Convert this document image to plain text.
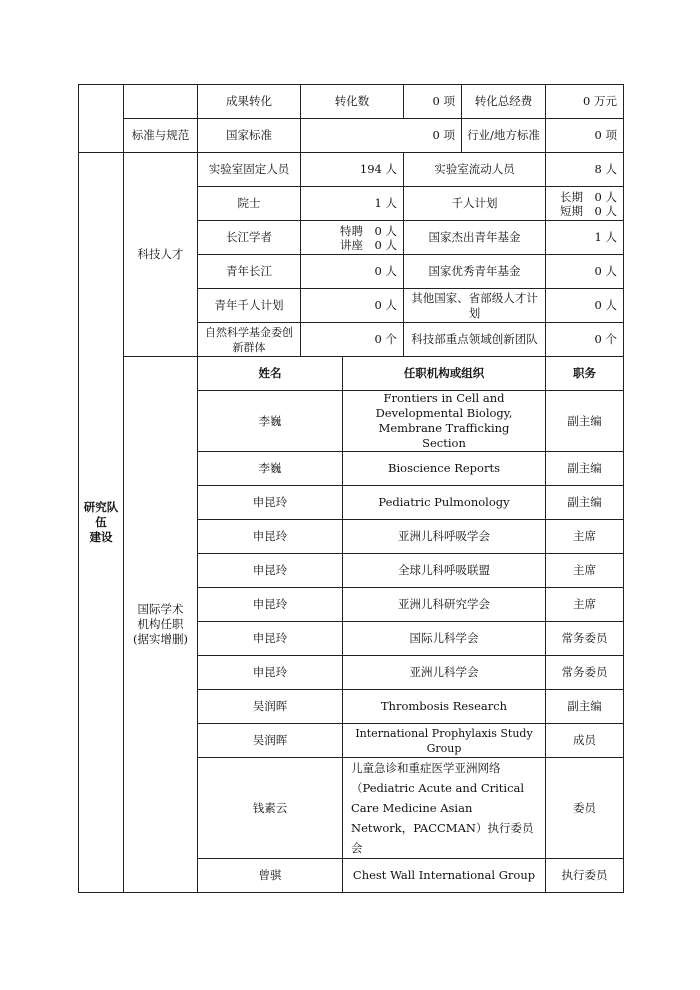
		成果转化	转化数		0 项	转化总经费	0 万元
	标准与规范	国家标准	0 项			行业/地方标准	0 项
研究队伍
建设	科技人才	实验室固定人员	194 人		实验室流动人员		8 人
		院士	1 人		千人计划		长期　0 人
短期　0 人

		长江学者	特聘　0 人
讲座　0 人		国家杰出青年基金		1 人
		青年长江	0 人		国家优秀青年基金		0 人
		青年千人计划	0 人		其他国家、省部级人才计划		0 人
		自然科学基金委创新群体	0 个		科技部重点领域创新团队		0 个
	国际学术
机构任职
(据实增删)	姓名		任职机构或组织			职务
		李巍		Frontiers in Cell and Developmental Biology, Membrane Trafficking Section			副主编
		李巍		Bioscience Reports			副主编
		申昆玲		Pediatric Pulmonology			副主编
		申昆玲		亚洲儿科呼吸学会			主席
		申昆玲		全球儿科呼吸联盟			主席
		申昆玲		亚洲儿科研究学会			主席
		申昆玲		国际儿科学会			常务委员
		申昆玲		亚洲儿科学会			常务委员
		吴润晖		Thrombosis Research			副主编
		吴润晖		International Prophylaxis Study Group			成员
		钱素云		儿童急诊和重症医学亚洲网络（Pediatric Acute and Critical Care Medicine Asian Network，PACCMAN）执行委员会			委员
		曾骐		Chest Wall International Group			执行委员
